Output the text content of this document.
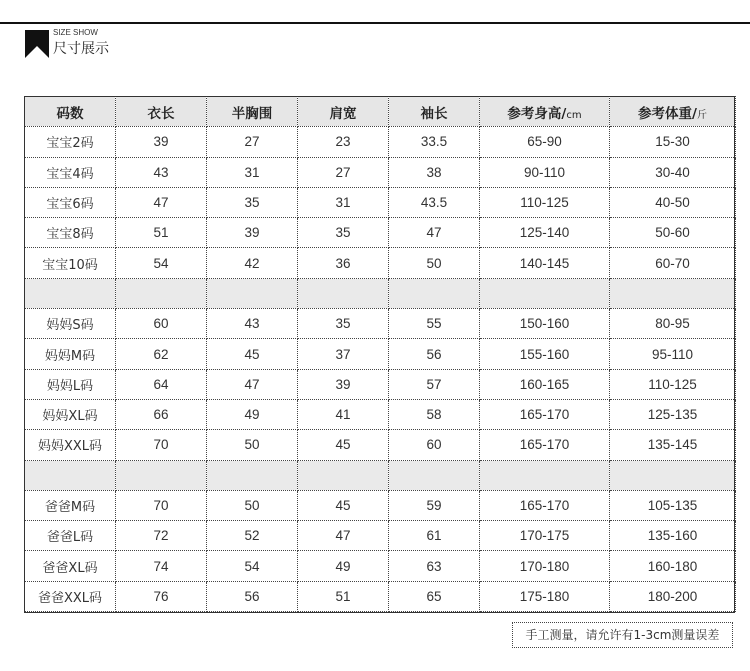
SIZE SHOW
尺寸展示
码数	衣长	半胸围	肩宽	袖长	参考身高/cm	参考体重/斤
宝宝2码	39	27	23	33.5	65-90	15-30
宝宝4码	43	31	27	38	90-110	30-40
宝宝6码	47	35	31	43.5	110-125	40-50
宝宝8码	51	39	35	47	125-140	50-60
宝宝10码	54	42	36	50	140-145	60-70

妈妈S码	60	43	35	55	150-160	80-95
妈妈M码	62	45	37	56	155-160	95-110
妈妈L码	64	47	39	57	160-165	110-125
妈妈XL码	66	49	41	58	165-170	125-135
妈妈XXL码	70	50	45	60	165-170	135-145

爸爸M码	70	50	45	59	165-170	105-135
爸爸L码	72	52	47	61	170-175	135-160
爸爸XL码	74	54	49	63	170-180	160-180
爸爸XXL码	76	56	51	65	175-180	180-200
手工测量，请允许有1-3cm测量误差
